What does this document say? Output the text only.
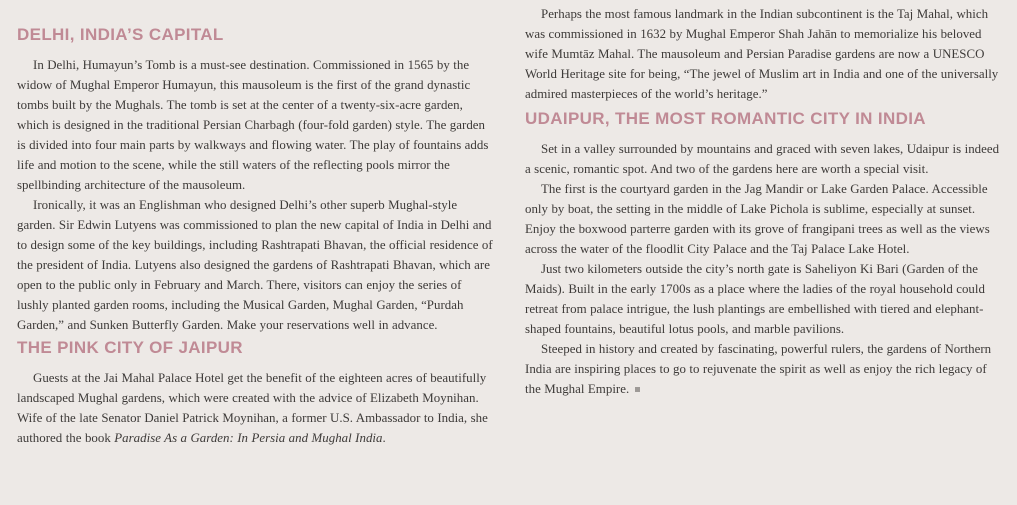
DELHI, INDIA’S CAPITAL

In Delhi, Humayun’s Tomb is a must-see destination. Commissioned in 1565 by the widow of Mughal Emperor Humayun, this mausoleum is the first of the grand dynastic tombs built by the Mughals. The tomb is set at the center of a twenty-six-acre garden, which is designed in the traditional Persian Charbagh (four-fold garden) style. The garden is divided into four main parts by walkways and flowing water. The play of fountains adds life and motion to the scene, while the still waters of the reflecting pools mirror the spellbinding architecture of the mausoleum.

Ironically, it was an Englishman who designed Delhi’s other superb Mughal-style garden. Sir Edwin Lutyens was commissioned to plan the new capital of India in Delhi and to design some of the key buildings, including Rashtrapati Bhavan, the official residence of the president of India. Lutyens also designed the gardens of Rashtrapati Bhavan, which are open to the public only in February and March. There, visitors can enjoy the series of lushly planted garden rooms, including the Musical Garden, Mughal Garden, “Purdah Garden,” and Sunken Butterfly Garden. Make your reservations well in advance.

THE PINK CITY OF JAIPUR

Guests at the Jai Mahal Palace Hotel get the benefit of the eighteen acres of beautifully landscaped Mughal gardens, which were created with the advice of Elizabeth Moynihan. Wife of the late Senator Daniel Patrick Moynihan, a former U.S. Ambassador to India, she authored the book Paradise As a Garden: In Persia and Mughal India.

Perhaps the most famous landmark in the Indian subcontinent is the Taj Mahal, which was commissioned in 1632 by Mughal Emperor Shah Jahān to memorialize his beloved wife Mumtāz Mahal. The mausoleum and Persian Paradise gardens are now a UNESCO World Heritage site for being, “The jewel of Muslim art in India and one of the universally admired masterpieces of the world’s heritage.”

UDAIPUR, THE MOST ROMANTIC CITY IN INDIA

Set in a valley surrounded by mountains and graced with seven lakes, Udaipur is indeed a scenic, romantic spot. And two of the gardens here are worth a special visit.

The first is the courtyard garden in the Jag Mandir or Lake Garden Palace. Accessible only by boat, the setting in the middle of Lake Pichola is sublime, especially at sunset. Enjoy the boxwood parterre garden with its grove of frangipani trees as well as the views across the water of the floodlit City Palace and the Taj Palace Lake Hotel.

Just two kilometers outside the city’s north gate is Saheliyon Ki Bari (Garden of the Maids). Built in the early 1700s as a place where the ladies of the royal household could retreat from palace intrigue, the lush plantings are embellished with tiered and elephant-shaped fountains, beautiful lotus pools, and marble pavilions.

Steeped in history and created by fascinating, powerful rulers, the gardens of Northern India are inspiring places to go to rejuvenate the spirit as well as enjoy the rich legacy of the Mughal Empire.
